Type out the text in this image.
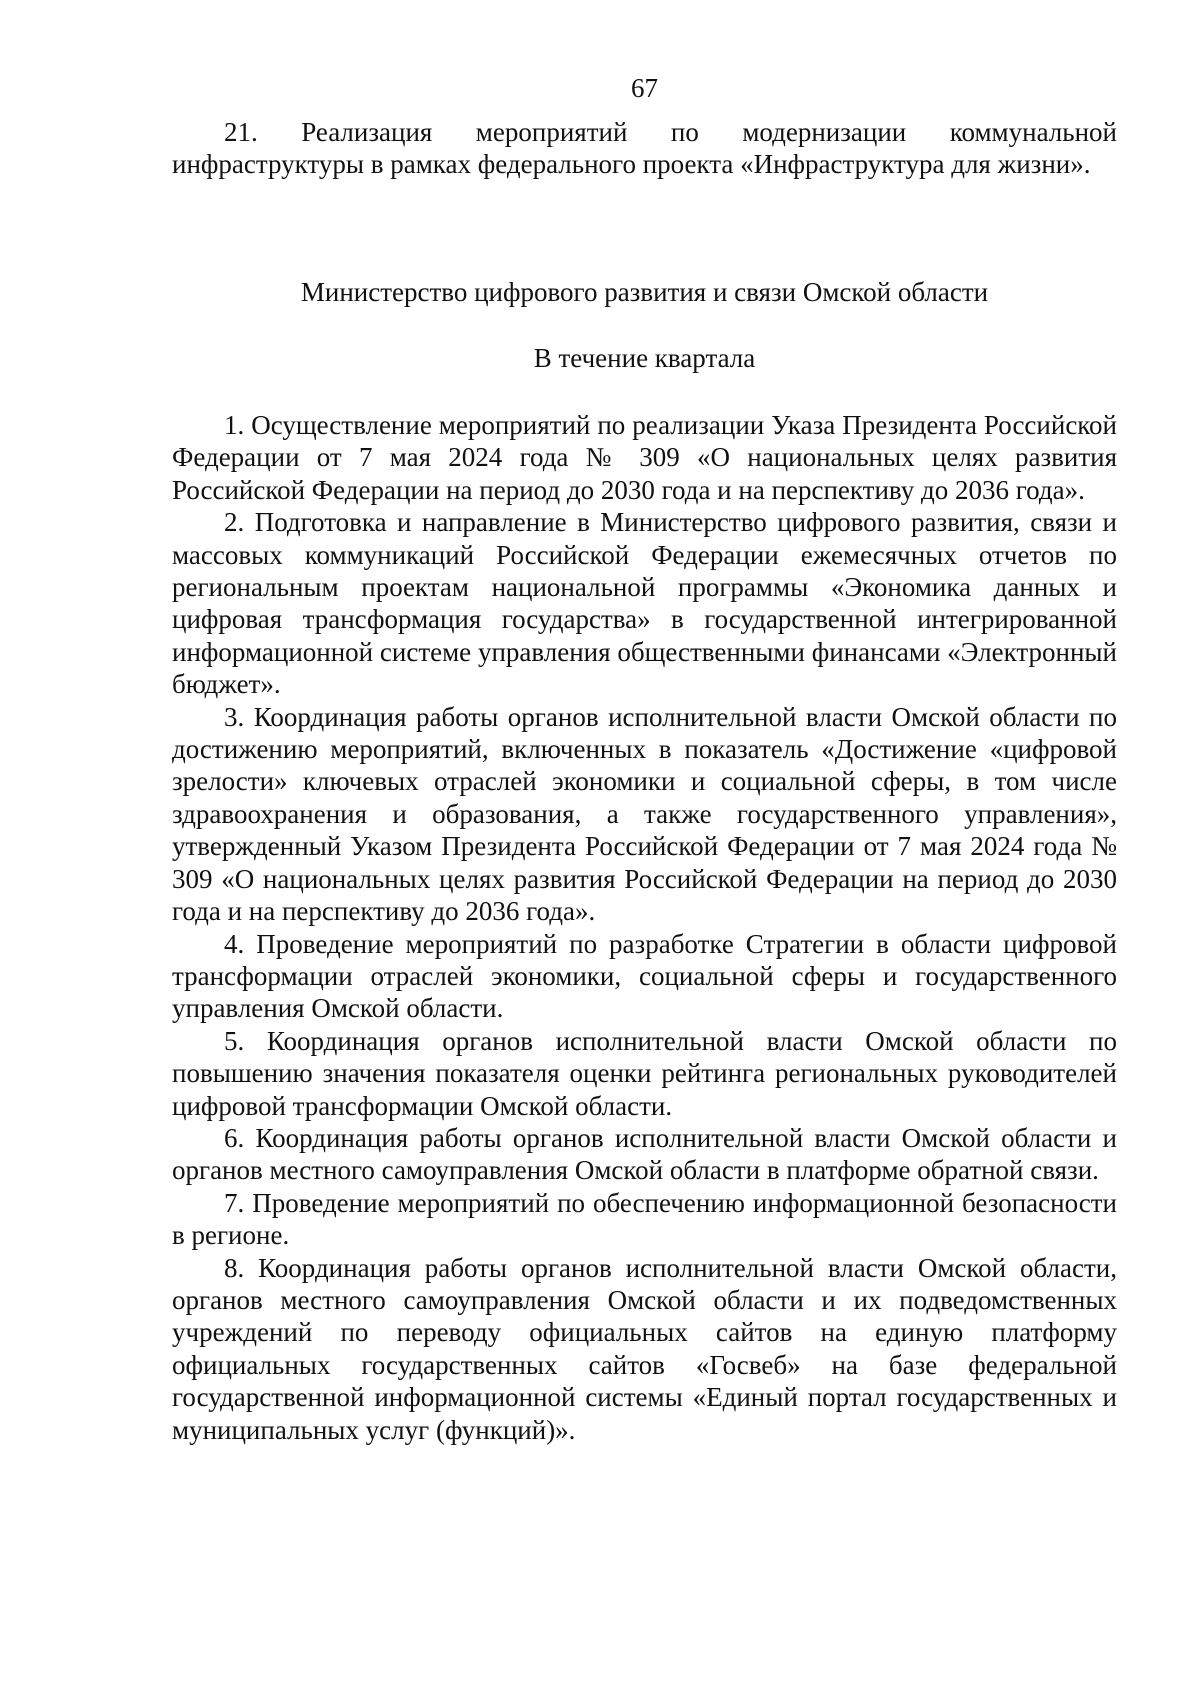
67

21. Реализация мероприятий по модернизации коммунальной инфраструктуры в рамках федерального проекта «Инфраструктура для жизни».

Министерство цифрового развития и связи Омской области

В течение квартала

1. Осуществление мероприятий по реализации Указа Президента Российской Федерации от 7 мая 2024 года № 309 «О национальных целях развития Российской Федерации на период до 2030 года и на перспективу до 2036 года».

2. Подготовка и направление в Министерство цифрового развития, связи и массовых коммуникаций Российской Федерации ежемесячных отчетов по региональным проектам национальной программы «Экономика данных и цифровая трансформация государства» в государственной интегрированной информационной системе управления общественными финансами «Электронный бюджет».

3. Координация работы органов исполнительной власти Омской области по достижению мероприятий, включенных в показатель «Достижение «цифровой зрелости» ключевых отраслей экономики и социальной сферы, в том числе здравоохранения и образования, а также государственного управления», утвержденный Указом Президента Российской Федерации от 7 мая 2024 года № 309 «О национальных целях развития Российской Федерации на период до 2030 года и на перспективу до 2036 года».

4. Проведение мероприятий по разработке Стратегии в области цифровой трансформации отраслей экономики, социальной сферы и государственного управления Омской области.

5. Координация органов исполнительной власти Омской области по повышению значения показателя оценки рейтинга региональных руководителей цифровой трансформации Омской области.

6. Координация работы органов исполнительной власти Омской области и органов местного самоуправления Омской области в платформе обратной связи.

7. Проведение мероприятий по обеспечению информационной безопасности в регионе.

8. Координация работы органов исполнительной власти Омской области, органов местного самоуправления Омской области и их подведомственных учреждений по переводу официальных сайтов на единую платформу официальных государственных сайтов «Госвеб» на базе федеральной государственной информационной системы «Единый портал государственных и муниципальных услуг (функций)».
